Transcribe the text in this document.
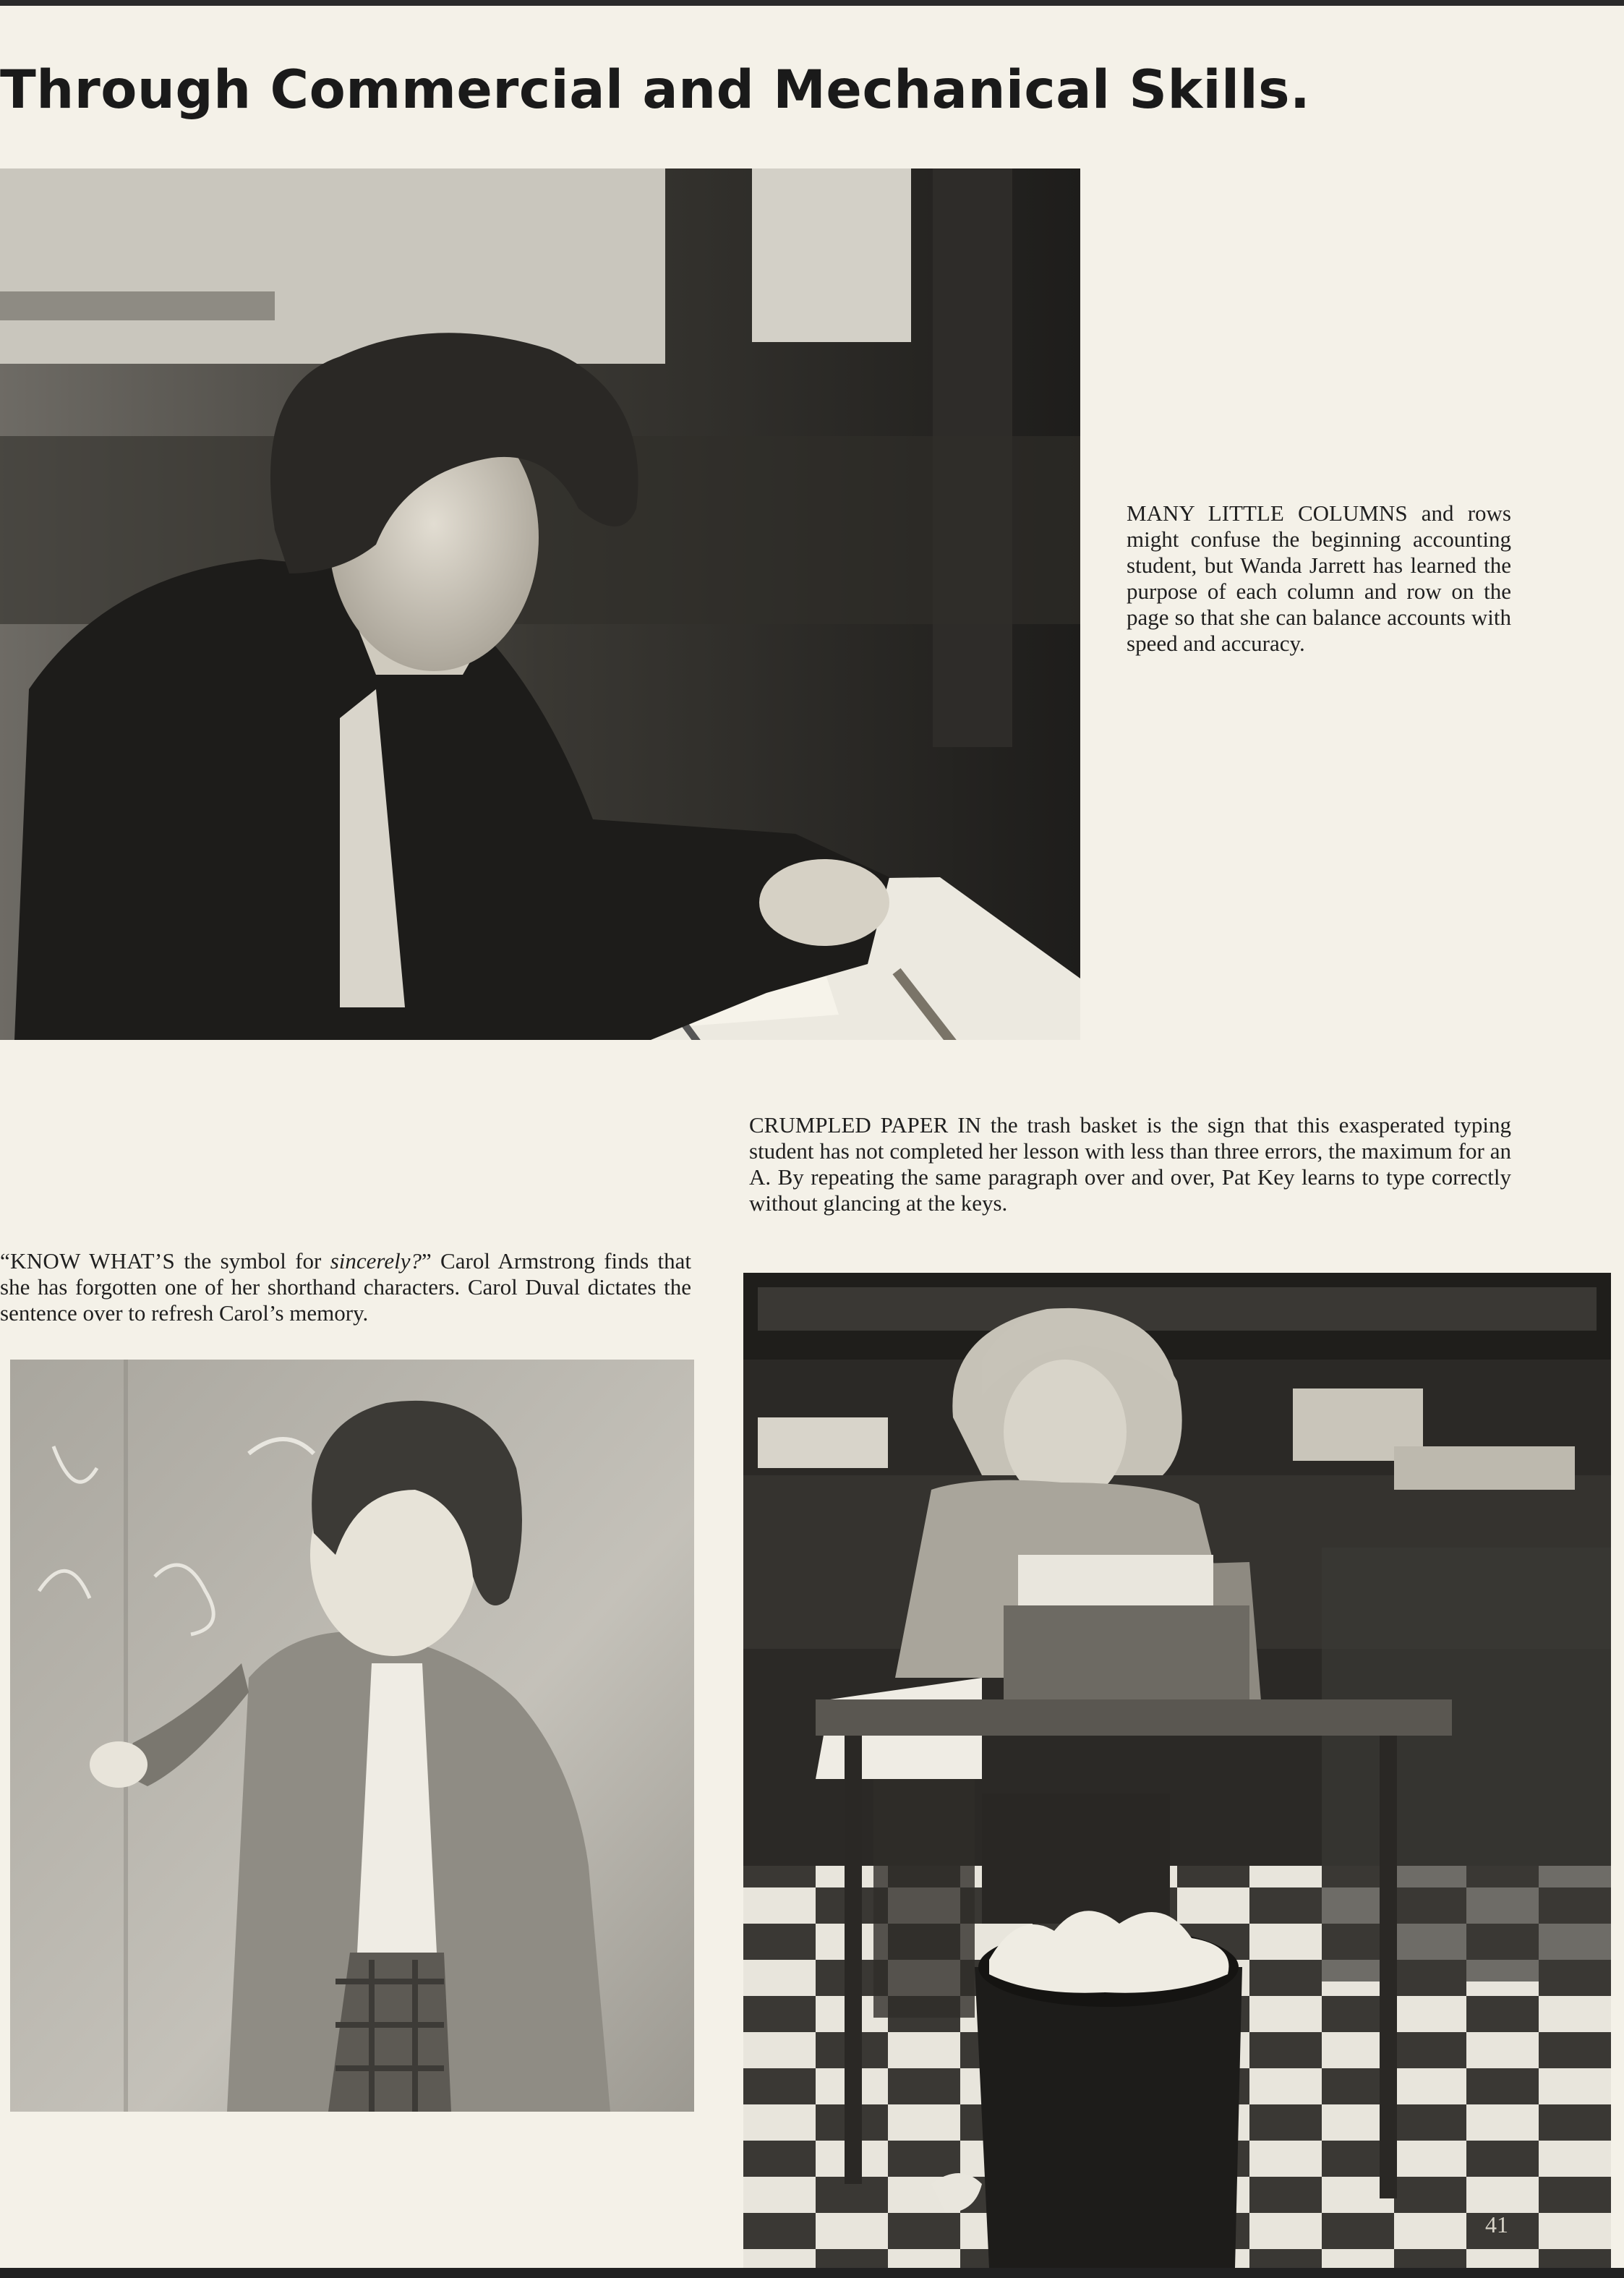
Through Commercial and Mechanical Skills.

MANY LITTLE COLUMNS and rows might confuse the beginning accounting student, but Wanda Jarrett has learned the purpose of each column and row on the page so that she can balance accounts with speed and accuracy.

CRUMPLED PAPER IN the trash basket is the sign that this exasperated typing student has not completed her lesson with less than three errors, the maximum for an A. By repeating the same paragraph over and over, Pat Key learns to type correctly without glancing at the keys.

“KNOW WHAT’S the symbol for sincerely?” Carol Armstrong finds that she has forgotten one of her shorthand characters. Carol Duval dictates the sentence over to refresh Carol’s memory.

41
